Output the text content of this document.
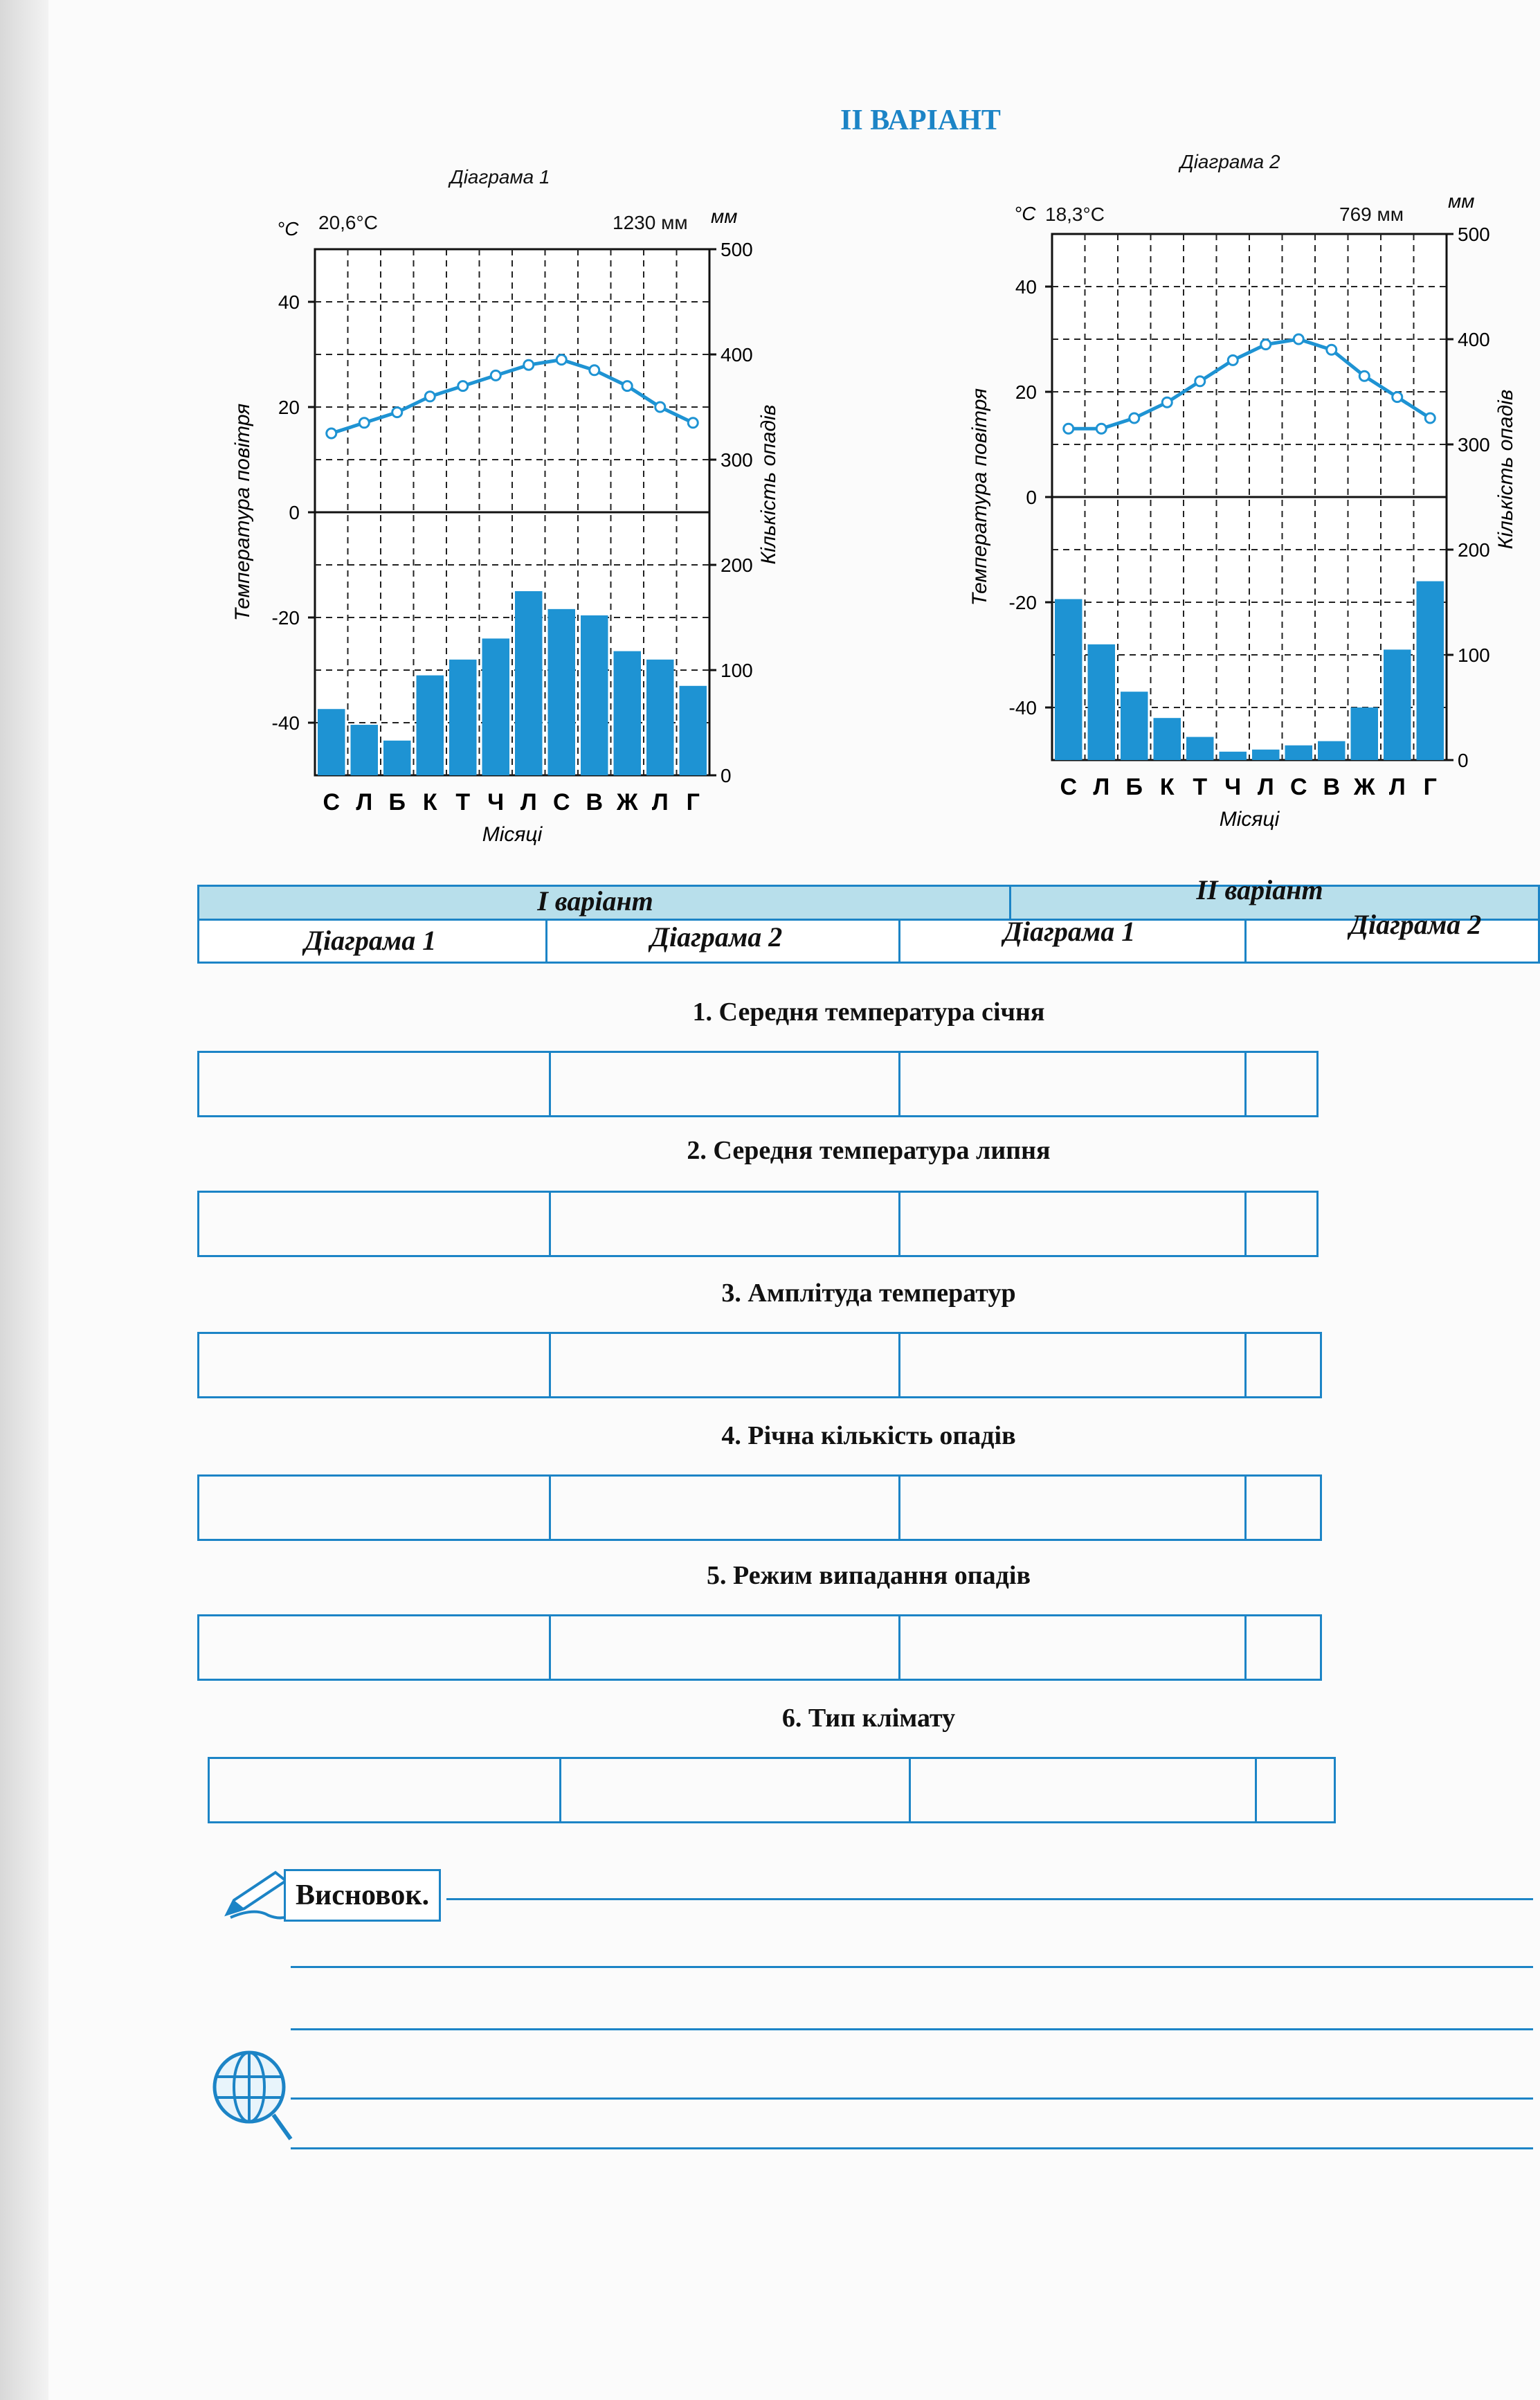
II ВАРІАНТ
Діаграма 1
20,6°С	1230 мм
40
20
0
-20
-40
500
400
300
200
100
0
°С
мм
Температура повітря	Кількість опадів
С Л Б К Т Ч Л С В Ж Л Г
Місяці
Діаграма 2
18,3°С	769 мм
40
20
0
-20
-40
500
400
300
200
100
0
°С
мм
Температура повітря	Кількість опадів
С Л Б К Т Ч Л С В Ж Л Г
Місяці
І варіант	ІІ варіант
Діаграма 1	Діаграма 2	Діаграма 1	Діаграма 2
1. Середня температура січня
2. Середня температура липня
3. Амплітуда температур
4. Річна кількість опадів
5. Режим випадання опадів
6. Тип клімату
Висновок.
